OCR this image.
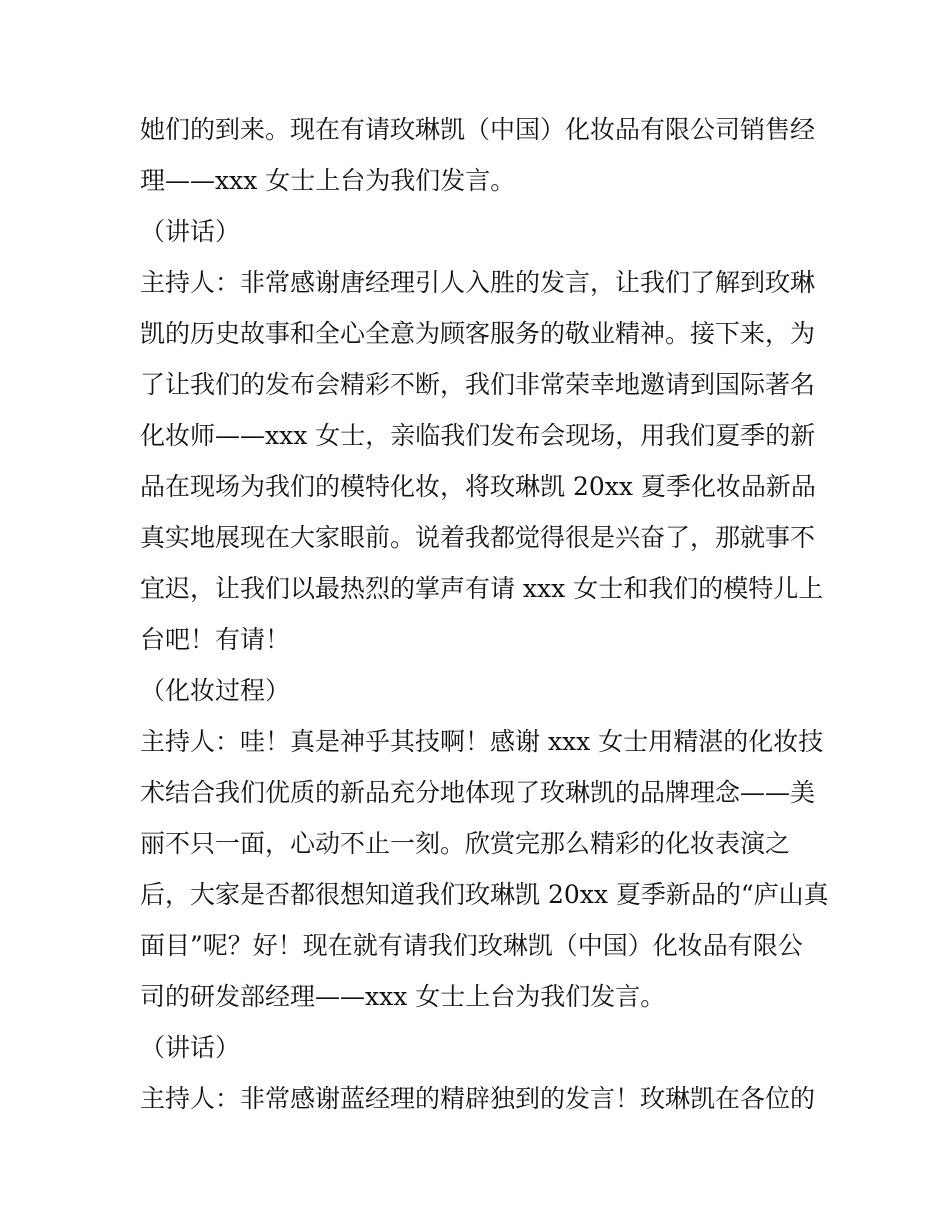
她们的到来。现在有请玫琳凯（中国）化妆品有限公司销售经
理——xxx 女士上台为我们发言。
（讲话）
主持人：非常感谢唐经理引人入胜的发言，让我们了解到玫琳
凯的历史故事和全心全意为顾客服务的敬业精神。接下来，为
了让我们的发布会精彩不断，我们非常荣幸地邀请到国际著名
化妆师——xxx 女士，亲临我们发布会现场，用我们夏季的新
品在现场为我们的模特化妆，将玫琳凯 20xx 夏季化妆品新品
真实地展现在大家眼前。说着我都觉得很是兴奋了，那就事不
宜迟，让我们以最热烈的掌声有请 xxx 女士和我们的模特儿上
台吧！有请！
（化妆过程）
主持人：哇！真是神乎其技啊！感谢 xxx 女士用精湛的化妆技
术结合我们优质的新品充分地体现了玫琳凯的品牌理念——美
丽不只一面，心动不止一刻。欣赏完那么精彩的化妆表演之
后，大家是否都很想知道我们玫琳凯 20xx 夏季新品的“庐山真
面目”呢？好！现在就有请我们玫琳凯（中国）化妆品有限公
司的研发部经理——xxx 女士上台为我们发言。
（讲话）
主持人：非常感谢蓝经理的精辟独到的发言！玫琳凯在各位的
